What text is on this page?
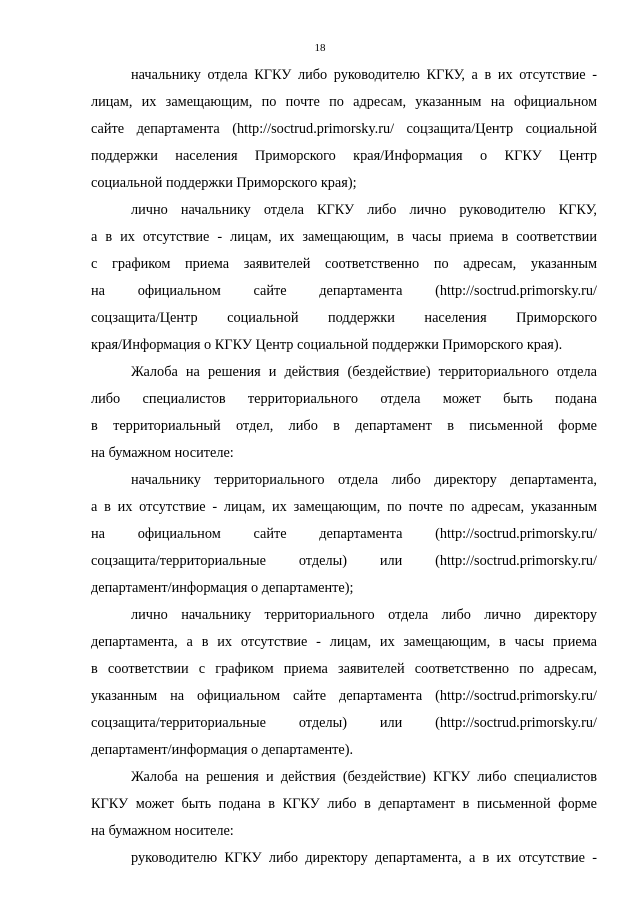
18
начальнику отдела КГКУ либо руководителю КГКУ, а в их отсутствие -
лицам, их замещающим, по почте по адресам, указанным на официальном
сайте департамента (http://soctrud.primorsky.ru/ соцзащита/Центр социальной
поддержки населения Приморского края/Информация о КГКУ Центр
социальной поддержки Приморского края);
лично начальнику отдела КГКУ либо лично руководителю КГКУ,
а в их отсутствие - лицам, их замещающим, в часы приема в соответствии
с графиком приема заявителей соответственно по адресам, указанным
на официальном сайте департамента (http://soctrud.primorsky.ru/
соцзащита/Центр социальной поддержки населения Приморского
края/Информация о КГКУ Центр социальной поддержки Приморского края).
Жалоба на решения и действия (бездействие) территориального отдела
либо специалистов территориального отдела может быть подана
в территориальный отдел, либо в департамент в письменной форме
на бумажном носителе:
начальнику территориального отдела либо директору департамента,
а в их отсутствие - лицам, их замещающим, по почте по адресам, указанным
на официальном сайте департамента (http://soctrud.primorsky.ru/
соцзащита/территориальные отделы) или (http://soctrud.primorsky.ru/
департамент/информация о департаменте);
лично начальнику территориального отдела либо лично директору
департамента, а в их отсутствие - лицам, их замещающим, в часы приема
в соответствии с графиком приема заявителей соответственно по адресам,
указанным на официальном сайте департамента (http://soctrud.primorsky.ru/
соцзащита/территориальные отделы) или (http://soctrud.primorsky.ru/
департамент/информация о департаменте).
Жалоба на решения и действия (бездействие) КГКУ либо специалистов
КГКУ может быть подана в КГКУ либо в департамент в письменной форме
на бумажном носителе:
руководителю КГКУ либо директору департамента, а в их отсутствие -
